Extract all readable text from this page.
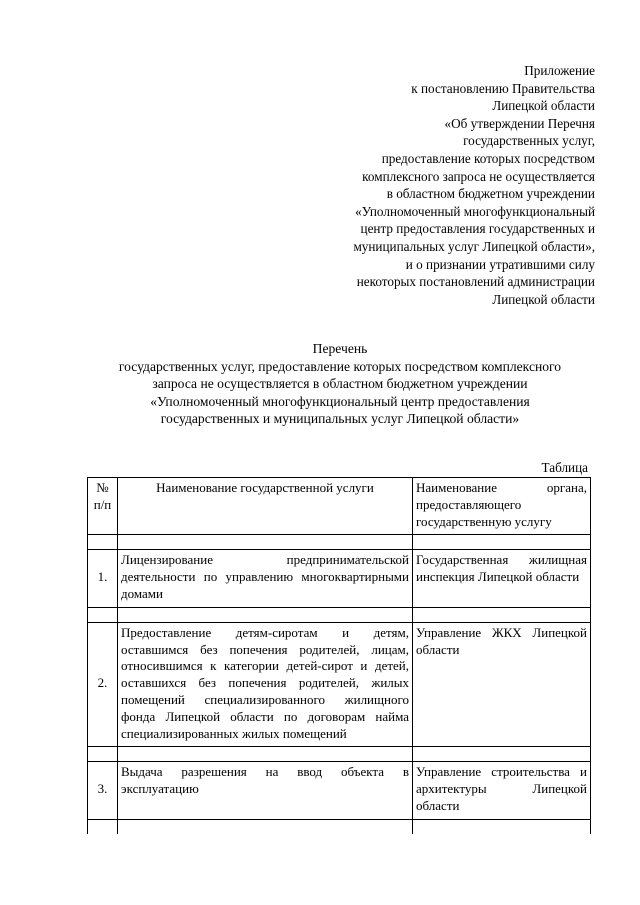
Приложение
к постановлению Правительства
Липецкой области
«Об утверждении Перечня
государственных услуг,
предоставление которых посредством
комплексного запроса не осуществляется
в областном бюджетном учреждении
«Уполномоченный многофункциональный
центр предоставления государственных и
муниципальных услуг Липецкой области»,
и о признании утратившими силу
некоторых постановлений администрации
Липецкой области
Перечень
государственных услуг, предоставление которых посредством комплексного
запроса не осуществляется в областном бюджетном учреждении
«Уполномоченный многофункциональный центр предоставления
государственных и муниципальных услуг Липецкой области»
Таблица
№ п/п	Наименование государственной услуги	Наименование органа, предоставляющего государственную услугу

1.	Лицензирование предпринимательской деятельности по управлению многоквартирными домами	Государственная жилищная инспекция Липецкой области

2.	Предоставление детям-сиротам и детям, оставшимся без попечения родителей, лицам, относившимся к категории детей-сирот и детей, оставшихся без попечения родителей, жилых помещений специализированного жилищного фонда Липецкой области по договорам найма специализированных жилых помещений	Управление ЖКХ Липецкой области

3.	Выдача разрешения на ввод объекта в эксплуатацию	Управление строительства и архитектуры Липецкой области
